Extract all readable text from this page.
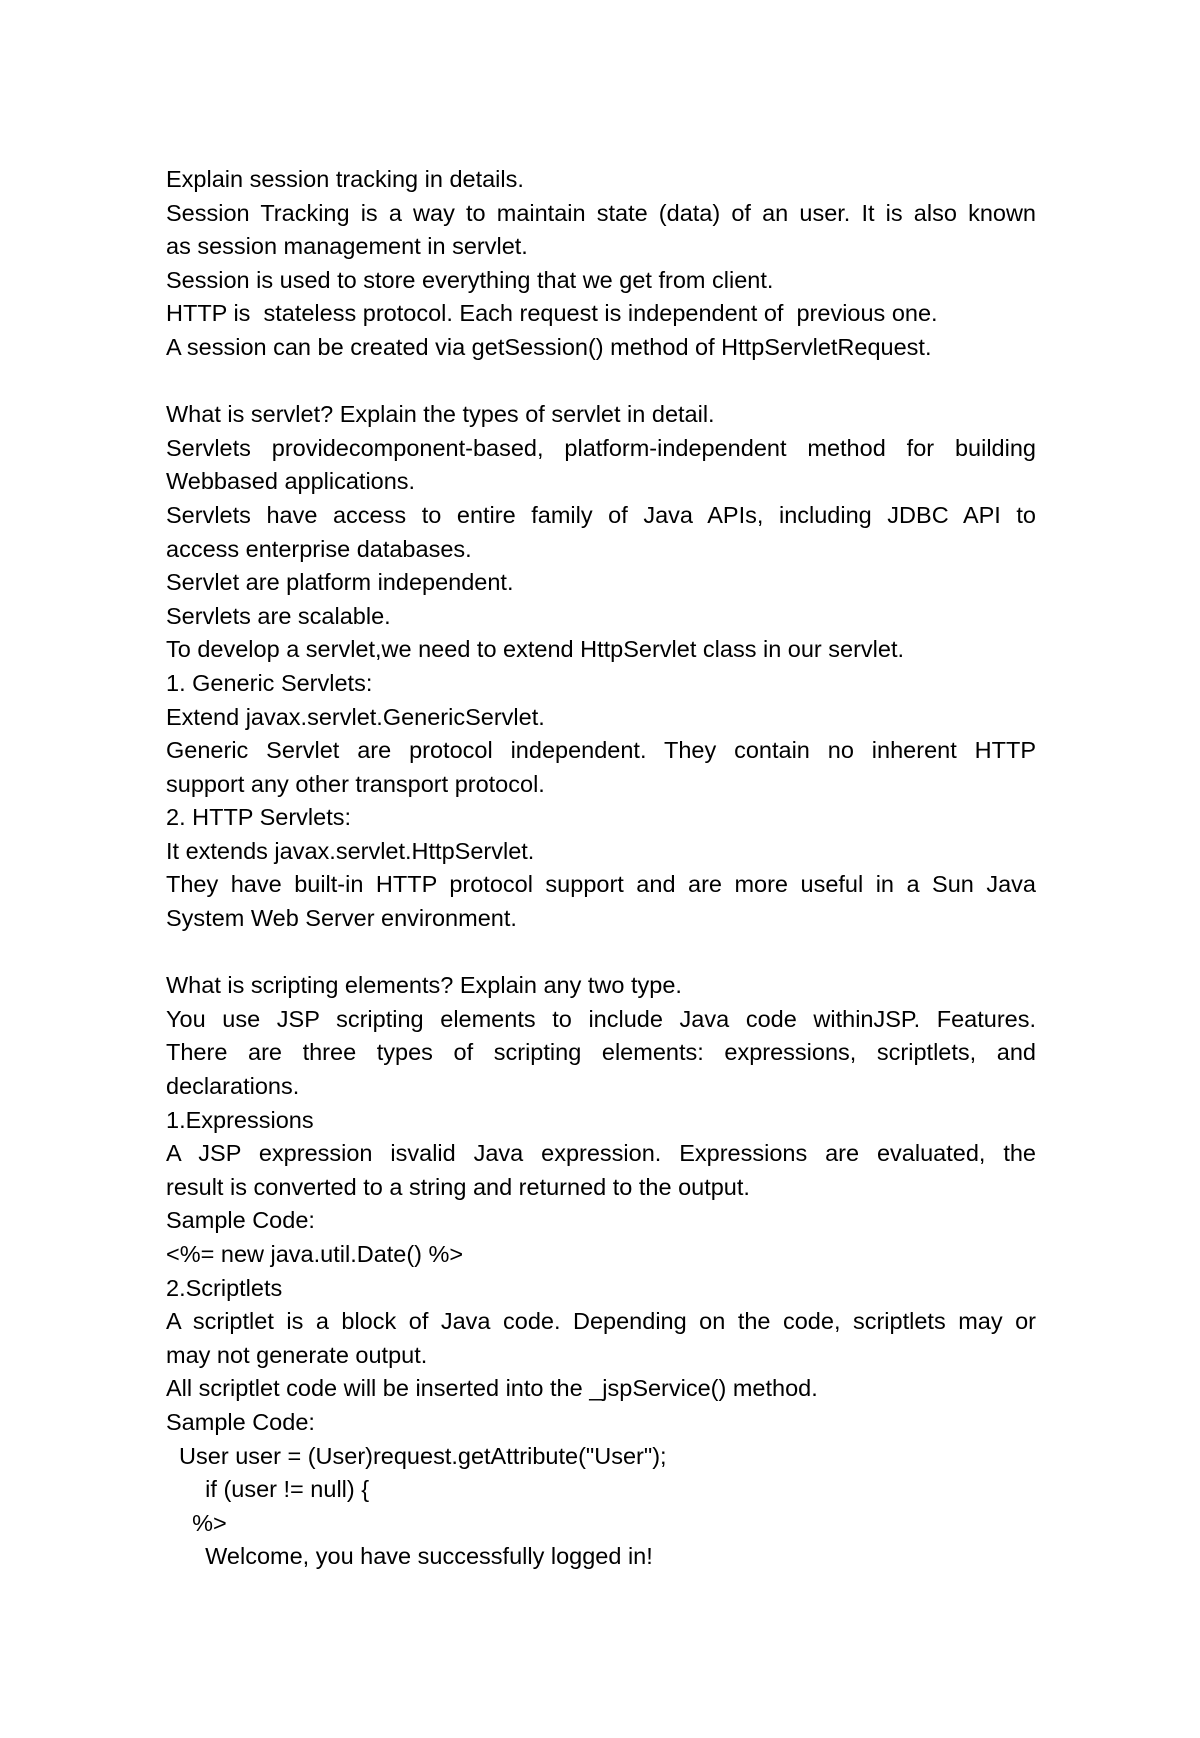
Explain session tracking in details.
Session Tracking is a way to maintain state (data) of an user. It is also known
as session management in servlet.
Session is used to store everything that we get from client.
HTTP is  stateless protocol. Each request is independent of  previous one.
A session can be created via getSession() method of HttpServletRequest.
What is servlet? Explain the types of servlet in detail.
Servlets providecomponent-based, platform-independent method for building
Webbased applications.
Servlets have access to entire family of Java APIs, including JDBC API to
access enterprise databases.
Servlet are platform independent.
Servlets are scalable.
To develop a servlet,we need to extend HttpServlet class in our servlet.
1. Generic Servlets:
Extend javax.servlet.GenericServlet.
Generic Servlet are protocol independent. They contain no inherent HTTP
support any other transport protocol.
2. HTTP Servlets:
It extends javax.servlet.HttpServlet.
They have built-in HTTP protocol support and are more useful in a Sun Java
System Web Server environment.
What is scripting elements? Explain any two type.
You use JSP scripting elements to include Java code withinJSP. Features.
There are three types of scripting elements: expressions, scriptlets, and
declarations.
1.Expressions
A JSP expression isvalid Java expression. Expressions are evaluated, the
result is converted to a string and returned to the output.
Sample Code:
<%= new java.util.Date() %>
2.Scriptlets
A scriptlet is a block of Java code. Depending on the code, scriptlets may or
may not generate output.
All scriptlet code will be inserted into the _jspService() method.
Sample Code:
User user = (User)request.getAttribute("User");
if (user != null) {
%>
Welcome, you have successfully logged in!
